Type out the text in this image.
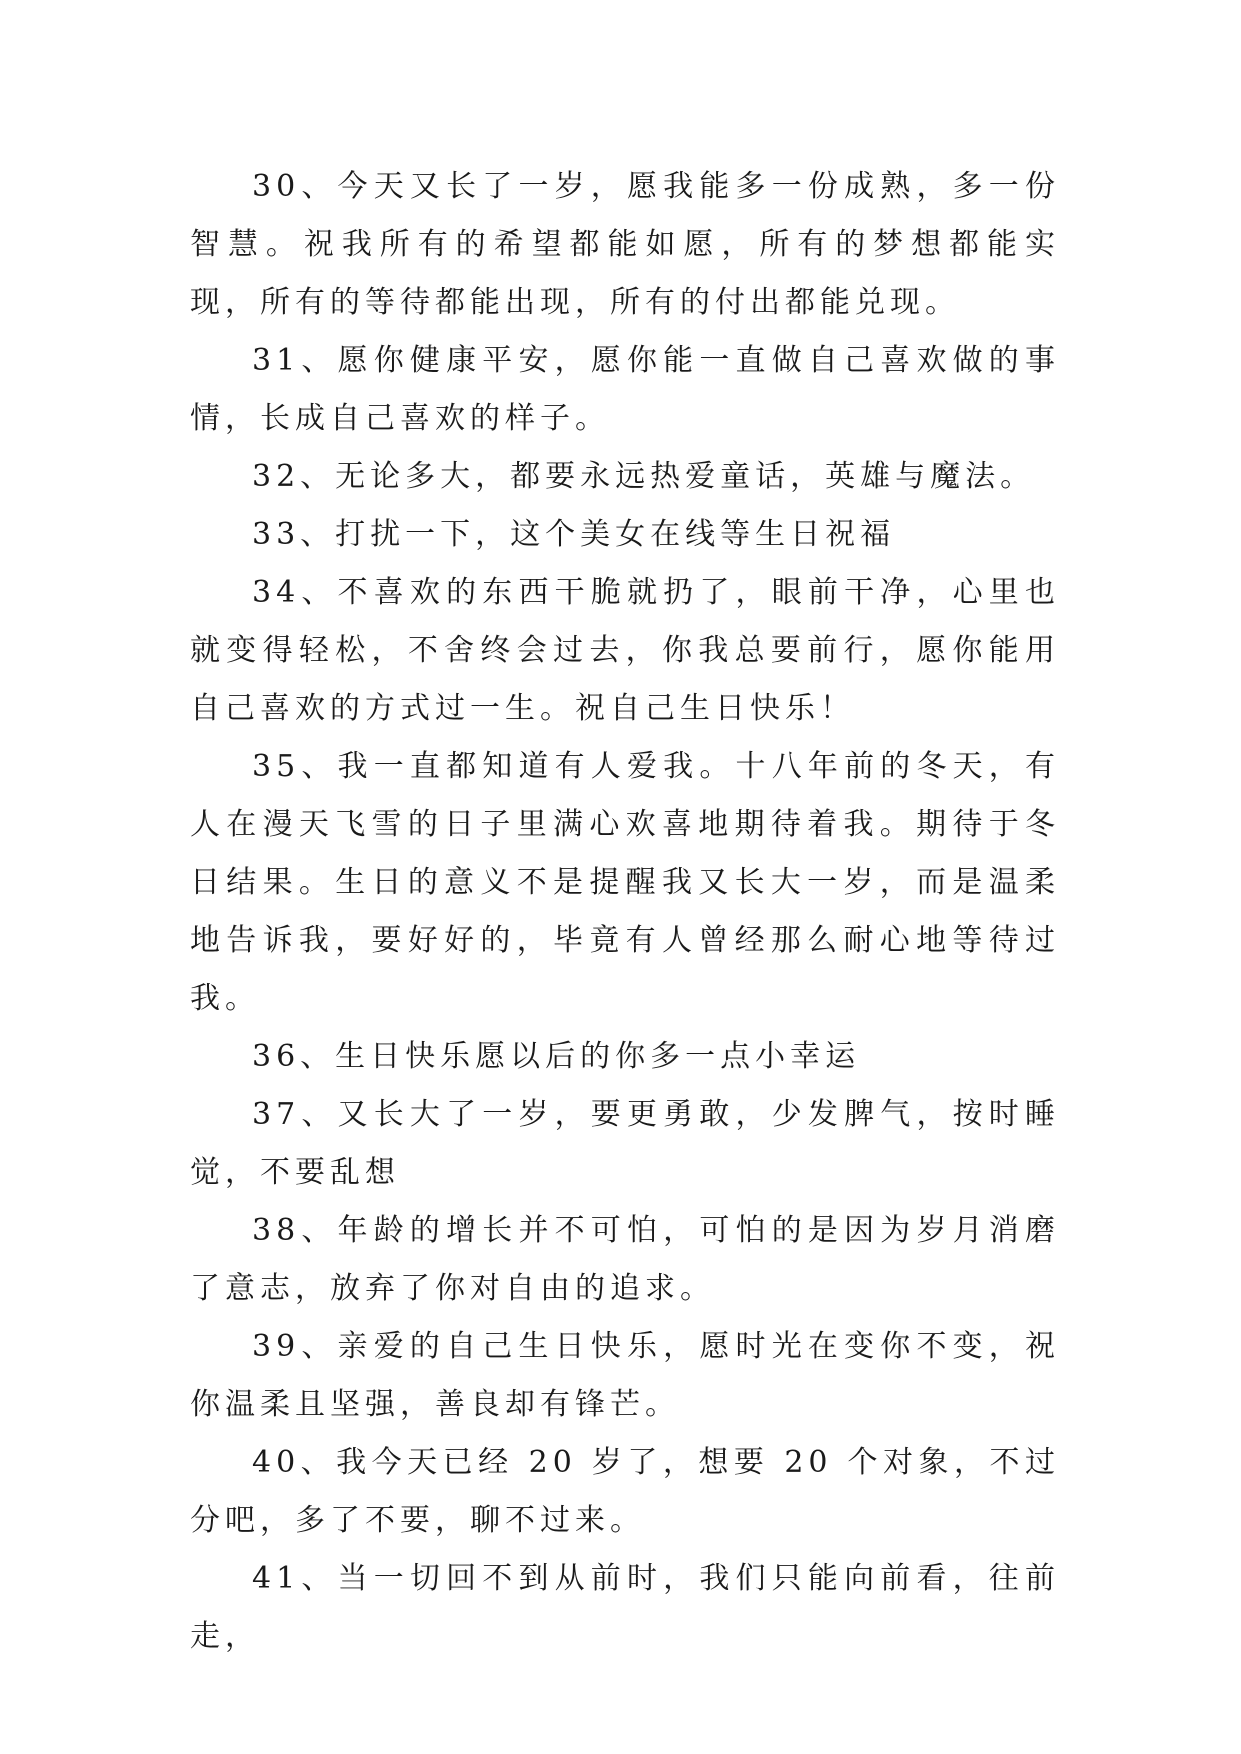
30、今天又长了一岁，愿我能多一份成熟，多一份智慧。祝我所有的希望都能如愿，所有的梦想都能实现，所有的等待都能出现，所有的付出都能兑现。

31、愿你健康平安，愿你能一直做自己喜欢做的事情，长成自己喜欢的样子。

32、无论多大，都要永远热爱童话，英雄与魔法。

33、打扰一下，这个美女在线等生日祝福

34、不喜欢的东西干脆就扔了，眼前干净，心里也就变得轻松，不舍终会过去，你我总要前行，愿你能用自己喜欢的方式过一生。祝自己生日快乐！

35、我一直都知道有人爱我。十八年前的冬天，有人在漫天飞雪的日子里满心欢喜地期待着我。期待于冬日结果。生日的意义不是提醒我又长大一岁，而是温柔地告诉我，要好好的，毕竟有人曾经那么耐心地等待过我。

36、生日快乐愿以后的你多一点小幸运

37、又长大了一岁，要更勇敢，少发脾气，按时睡觉，不要乱想

38、年龄的增长并不可怕，可怕的是因为岁月消磨了意志，放弃了你对自由的追求。

39、亲爱的自己生日快乐，愿时光在变你不变，祝你温柔且坚强，善良却有锋芒。

40、我今天已经 20 岁了，想要 20 个对象，不过分吧，多了不要，聊不过来。

41、当一切回不到从前时，我们只能向前看，往前走，
